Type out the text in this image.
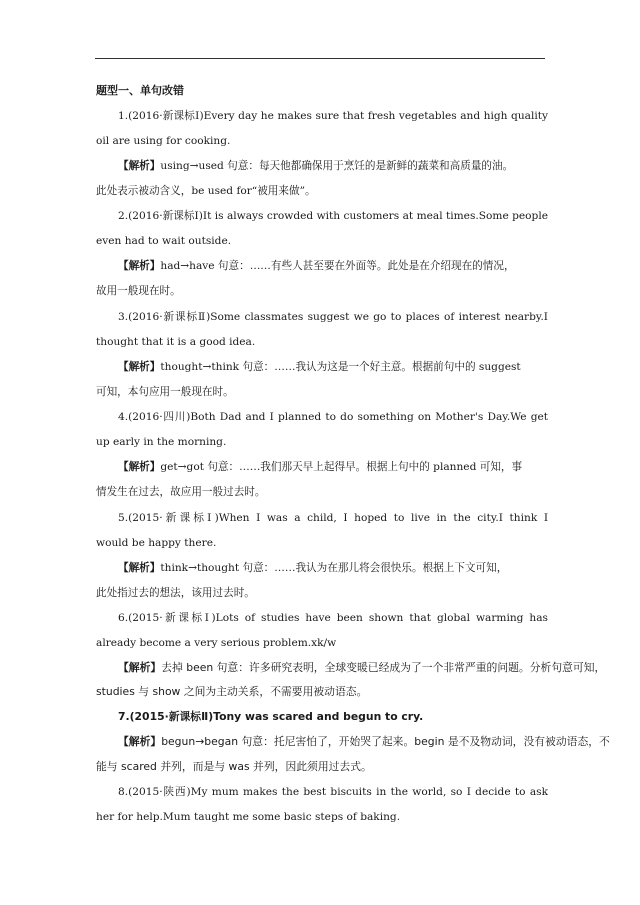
题型一、单句改错
1.(2016·新课标Ⅰ)Every day he makes sure that fresh vegetables and high quality
oil are using for cooking.
【解析】using→used 句意：每天他都确保用于烹饪的是新鲜的蔬菜和高质量的油。
此处表示被动含义，be used for“被用来做”。
2.(2016·新课标Ⅰ)It is always crowded with customers at meal times.Some people
even had to wait outside.
【解析】had→have 句意：……有些人甚至要在外面等。此处是在介绍现在的情况，
故用一般现在时。
3.(2016·新课标Ⅱ)Some classmates suggest we go to places of interest nearby.I
thought that it is a good idea.
【解析】thought→think 句意：……我认为这是一个好主意。根据前句中的 suggest
可知，本句应用一般现在时。
4.(2016·四川)Both Dad and I planned to do something on Mother's Day.We get
up early in the morning.
【解析】get→got 句意：……我们那天早上起得早。根据上句中的 planned 可知，事
情发生在过去，故应用一般过去时。
5.(2015·新课标Ⅰ)When I was a child, I hoped to live in the city.I think I
would be happy there.
【解析】think→thought 句意：……我认为在那儿将会很快乐。根据上下文可知，
此处指过去的想法，该用过去时。
6.(2015·新课标Ⅰ)Lots of studies have been shown that global warming has
already become a very serious problem.xk/w
【解析】去掉 been 句意：许多研究表明，全球变暖已经成为了一个非常严重的问题。分析句意可知，
studies 与 show 之间为主动关系，不需要用被动语态。
7.(2015·新课标Ⅱ)Tony was scared and begun to cry.
【解析】begun→began 句意：托尼害怕了，开始哭了起来。begin 是不及物动词，没有被动语态，不
能与 scared 并列，而是与 was 并列，因此须用过去式。
8.(2015·陕西)My mum makes the best biscuits in the world, so I decide to ask
her for help.Mum taught me some basic steps of baking.
